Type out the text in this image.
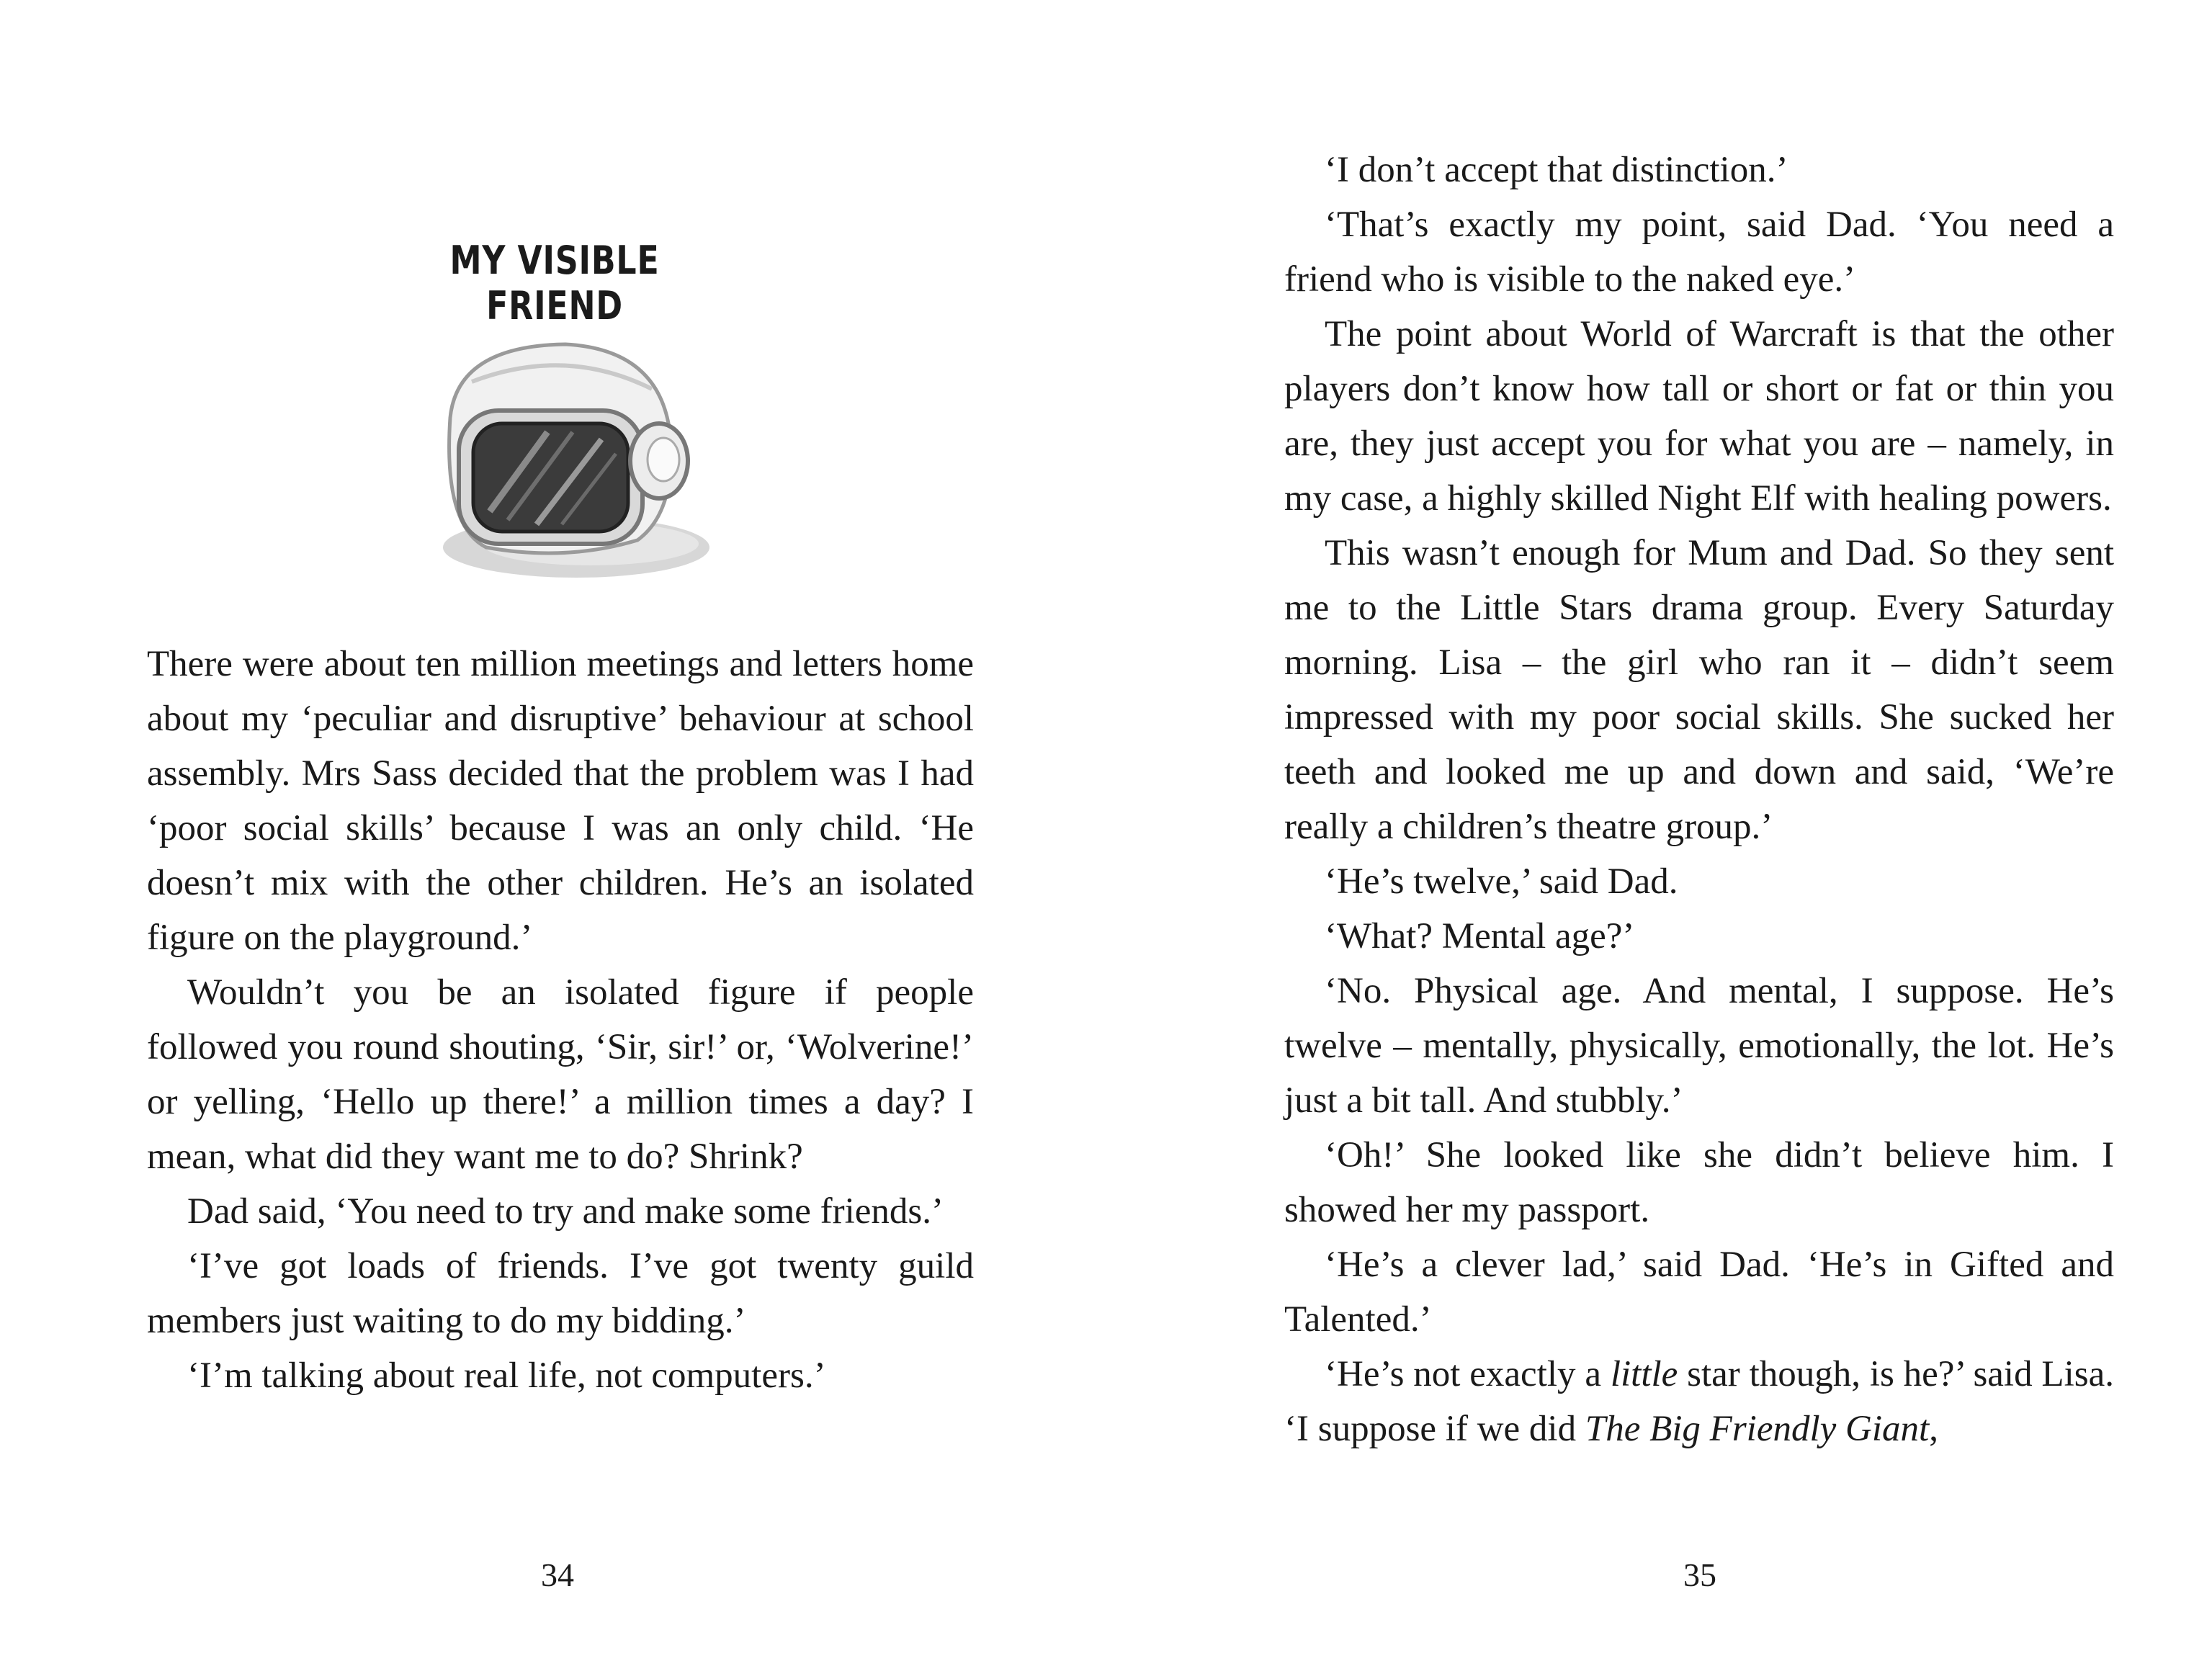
MY VISIBLE FRIEND

There were about ten million meetings and letters home about my ‘peculiar and disruptive’ behaviour at school assembly. Mrs Sass decided that the problem was I had ‘poor social skills’ because I was an only child. ‘He doesn’t mix with the other children. He’s an isolated figure on the playground.’

Wouldn’t you be an isolated figure if people followed you round shouting, ‘Sir, sir!’ or, ‘Wolverine!’ or yelling, ‘Hello up there!’ a million times a day? I mean, what did they want me to do? Shrink?

Dad said, ‘You need to try and make some friends.’

‘I’ve got loads of friends. I’ve got twenty guild members just waiting to do my bidding.’

‘I’m talking about real life, not computers.’

34

‘I don’t accept that distinction.’

‘That’s exactly my point, said Dad. ‘You need a friend who is visible to the naked eye.’

The point about World of Warcraft is that the other players don’t know how tall or short or fat or thin you are, they just accept you for what you are – namely, in my case, a highly skilled Night Elf with healing powers.

This wasn’t enough for Mum and Dad. So they sent me to the Little Stars drama group. Every Saturday morning. Lisa – the girl who ran it – didn’t seem impressed with my poor social skills. She sucked her teeth and looked me up and down and said, ‘We’re really a children’s theatre group.’

‘He’s twelve,’ said Dad.

‘What? Mental age?’

‘No. Physical age. And mental, I suppose. He’s twelve – mentally, physically, emotionally, the lot. He’s just a bit tall. And stubbly.’

‘Oh!’ She looked like she didn’t believe him. I showed her my passport.

‘He’s a clever lad,’ said Dad. ‘He’s in Gifted and Talented.’

‘He’s not exactly a little star though, is he?’ said Lisa. ‘I suppose if we did The Big Friendly Giant,

35
